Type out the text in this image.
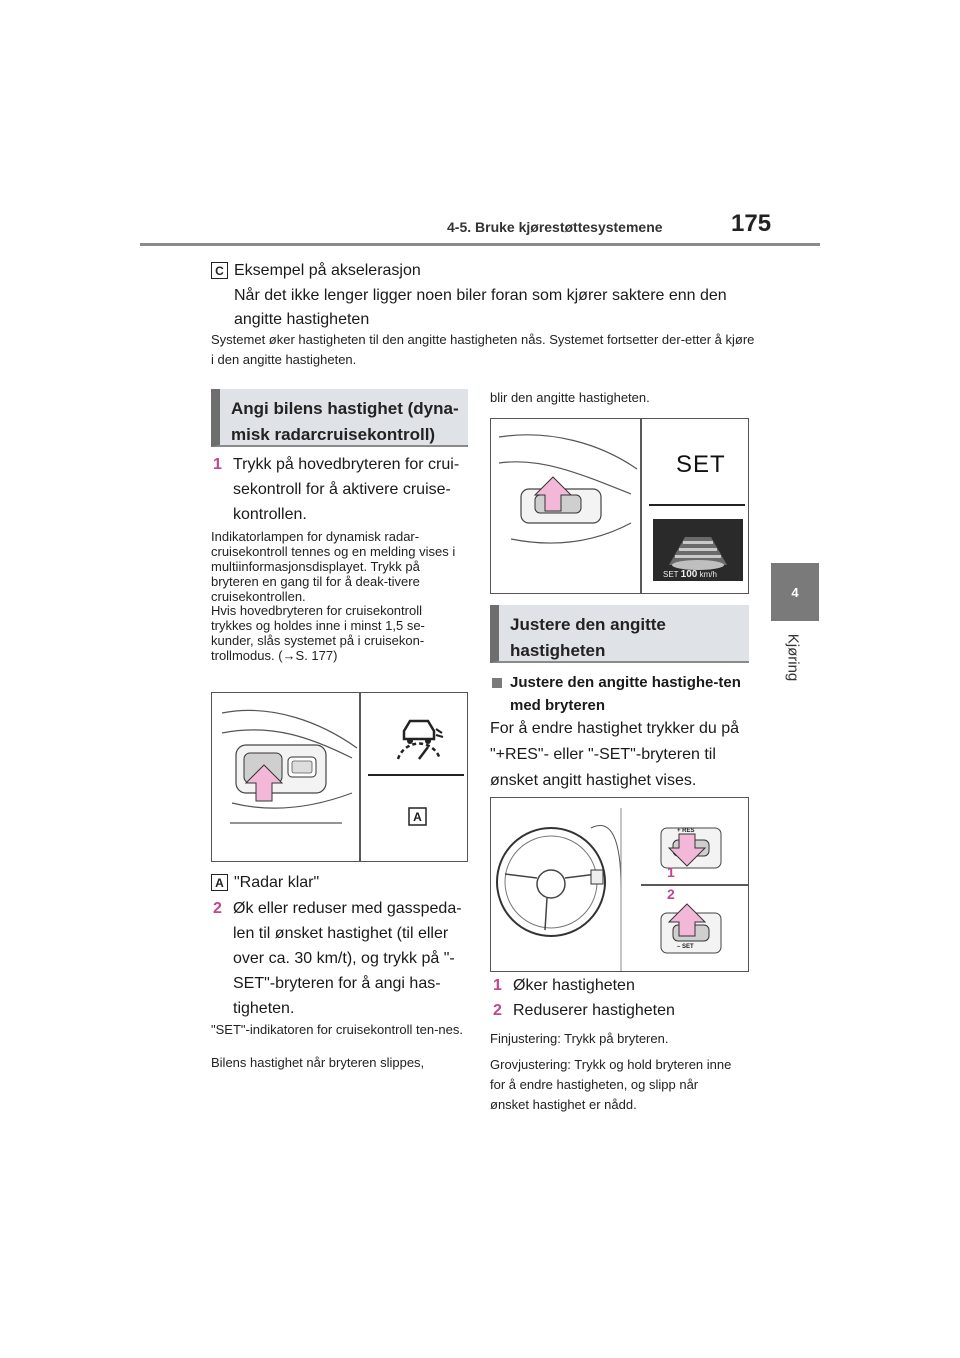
4-5. Bruke kjørestøttesystemene	175
4
Kjøring
C Eksempel på akselerasjon
Når det ikke lenger ligger noen biler foran som kjører saktere enn den angitte hastigheten
Systemet øker hastigheten til den angitte hastigheten nås. Systemet fortsetter der-etter å kjøre i den angitte hastigheten.
Angi bilens hastighet (dyna-misk radarcruisekontroll)
1 Trykk på hovedbryteren for crui-sekontroll for å aktivere cruise-kontrollen.
Indikatorlampen for dynamisk radar-cruisekontroll tennes og en melding vises i multiinformasjonsdisplayet. Trykk på bryteren en gang til for å deak-tivere cruisekontrollen.
Hvis hovedbryteren for cruisekontroll trykkes og holdes inne i minst 1,5 se-kunder, slås systemet på i cruisekon-trollmodus. (→S. 177)
A
A "Radar klar"
2 Øk eller reduser med gasspeda-len til ønsket hastighet (til eller over ca. 30 km/t), og trykk på "-SET"-bryteren for å angi has-tigheten.
"SET"-indikatoren for cruisekontroll ten-nes.
Bilens hastighet når bryteren slippes,
blir den angitte hastigheten.
SET
SET 100 km/h
Justere den angitte hastigheten
Justere den angitte hastighe-ten med bryteren
For å endre hastighet trykker du på "+RES"- eller "-SET"-bryteren til ønsket angitt hastighet vises.
+ RES
– SET
1
2
1 Øker hastigheten
2 Reduserer hastigheten
Finjustering: Trykk på bryteren.
Grovjustering: Trykk og hold bryteren inne for å endre hastigheten, og slipp når ønsket hastighet er nådd.
